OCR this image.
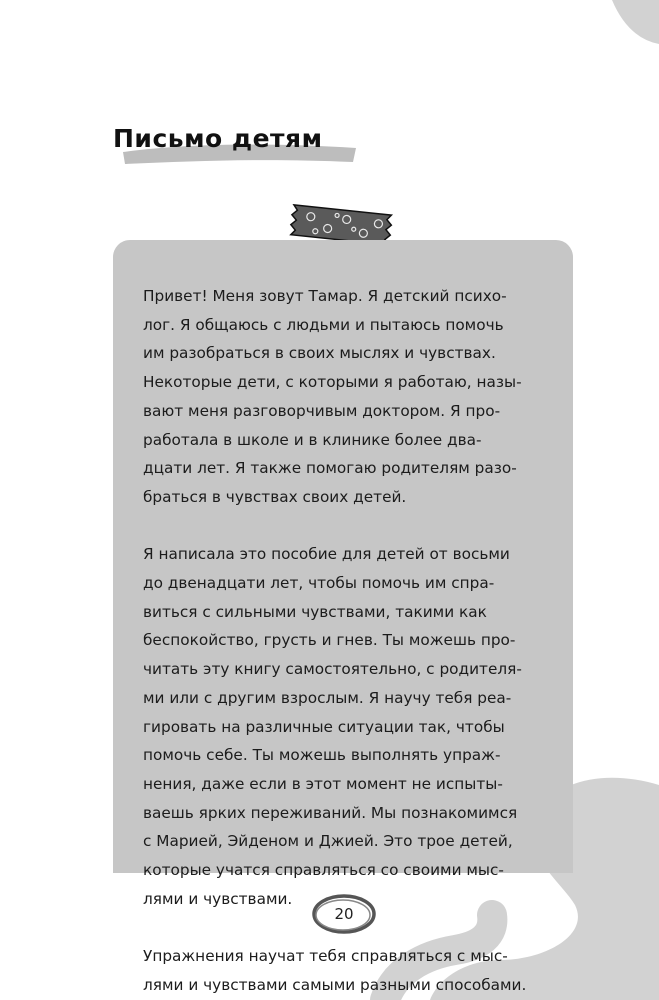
Письмо детям

Привет! Меня зовут Тамар. Я детский психо-
лог. Я общаюсь с людьми и пытаюсь помочь
им разобраться в своих мыслях и чувствах.
Некоторые дети, с которыми я работаю, назы-
вают меня разговорчивым доктором. Я про-
работала в школе и в клинике более два-
дцати лет. Я также помогаю родителям разо-
браться в чувствах своих детей.

Я написала это пособие для детей от восьми
до двенадцати лет, чтобы помочь им спра-
виться с сильными чувствами, такими как
беспокойство, грусть и гнев. Ты можешь про-
читать эту книгу самостоятельно, с родителя-
ми или с другим взрослым. Я научу тебя реа-
гировать на различные ситуации так, чтобы
помочь себе. Ты можешь выполнять упраж-
нения, даже если в этот момент не испыты-
ваешь ярких переживаний. Мы познакомимся
с Марией, Эйденом и Джией. Это трое детей,
которые учатся справляться со своими мыс-
лями и чувствами.

Упражнения научат тебя справляться с мыс-
лями и чувствами самыми разными способами.

20
